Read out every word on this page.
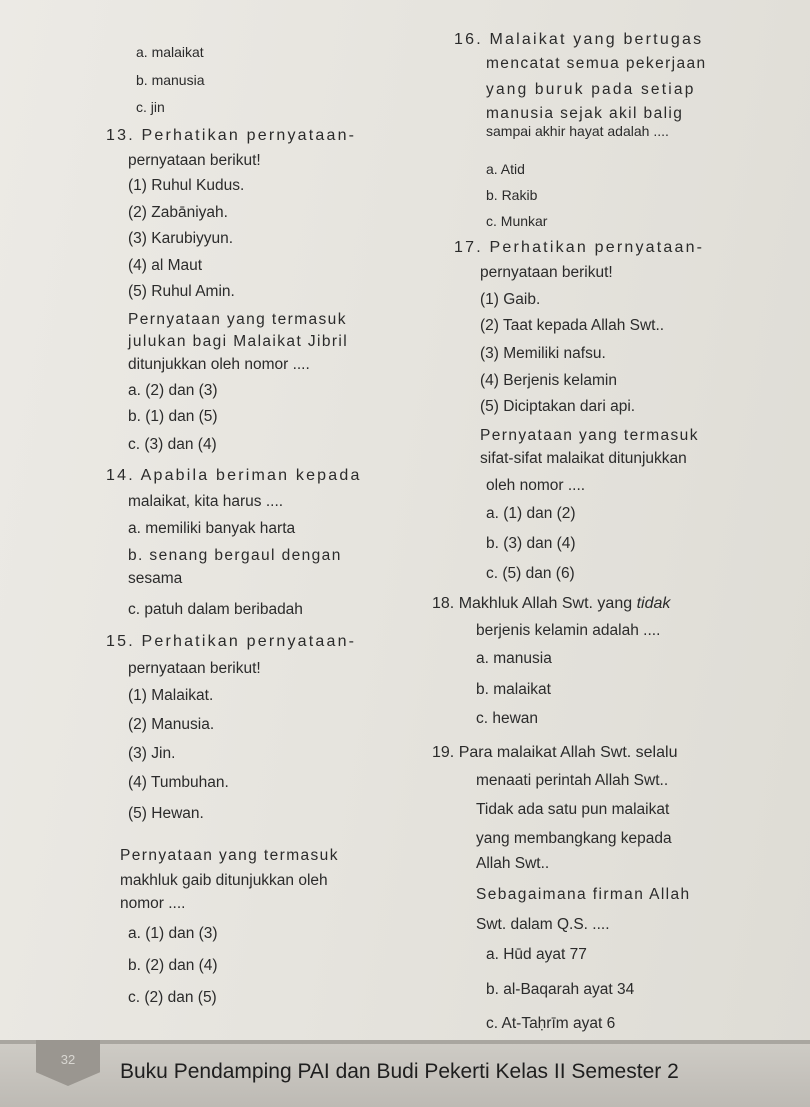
a. malaikat
b. manusia
c. jin
13. Perhatikan pernyataan-
pernyataan berikut!
(1) Ruhul Kudus.
(2) Zabāniyah.
(3) Karubiyyun.
(4) al Maut
(5) Ruhul Amin.
Pernyataan yang termasuk
julukan bagi Malaikat Jibril
ditunjukkan oleh nomor ....
a. (2) dan (3)
b. (1) dan (5)
c. (3) dan (4)
14. Apabila beriman kepada
malaikat, kita harus ....
a. memiliki banyak harta
b. senang bergaul dengan
sesama
c. patuh dalam beribadah
15. Perhatikan pernyataan-
pernyataan berikut!
(1) Malaikat.
(2) Manusia.
(3) Jin.
(4) Tumbuhan.
(5) Hewan.
Pernyataan yang termasuk
makhluk gaib ditunjukkan oleh
nomor ....
a. (1) dan (3)
b. (2) dan (4)
c. (2) dan (5)
16. Malaikat yang bertugas
mencatat semua pekerjaan
yang buruk pada setiap
manusia sejak akil balig
sampai akhir hayat adalah ....
a. Atid
b. Rakib
c. Munkar
17. Perhatikan pernyataan-
pernyataan berikut!
(1) Gaib.
(2) Taat kepada Allah Swt..
(3) Memiliki nafsu.
(4) Berjenis kelamin
(5) Diciptakan dari api.
Pernyataan yang termasuk
sifat-sifat malaikat ditunjukkan
oleh nomor ....
a. (1) dan (2)
b. (3) dan (4)
c. (5) dan (6)
18. Makhluk Allah Swt. yang tidak
berjenis kelamin adalah ....
a. manusia
b. malaikat
c. hewan
19. Para malaikat Allah Swt. selalu
menaati perintah Allah Swt..
Tidak ada satu pun malaikat
yang membangkang kepada
Allah Swt..
Sebagaimana firman Allah
Swt. dalam Q.S. ....
a. Hūd ayat 77
b. al-Baqarah ayat 34
c. At-Taḥrīm ayat 6
32
Buku Pendamping PAI dan Budi Pekerti Kelas II Semester 2
